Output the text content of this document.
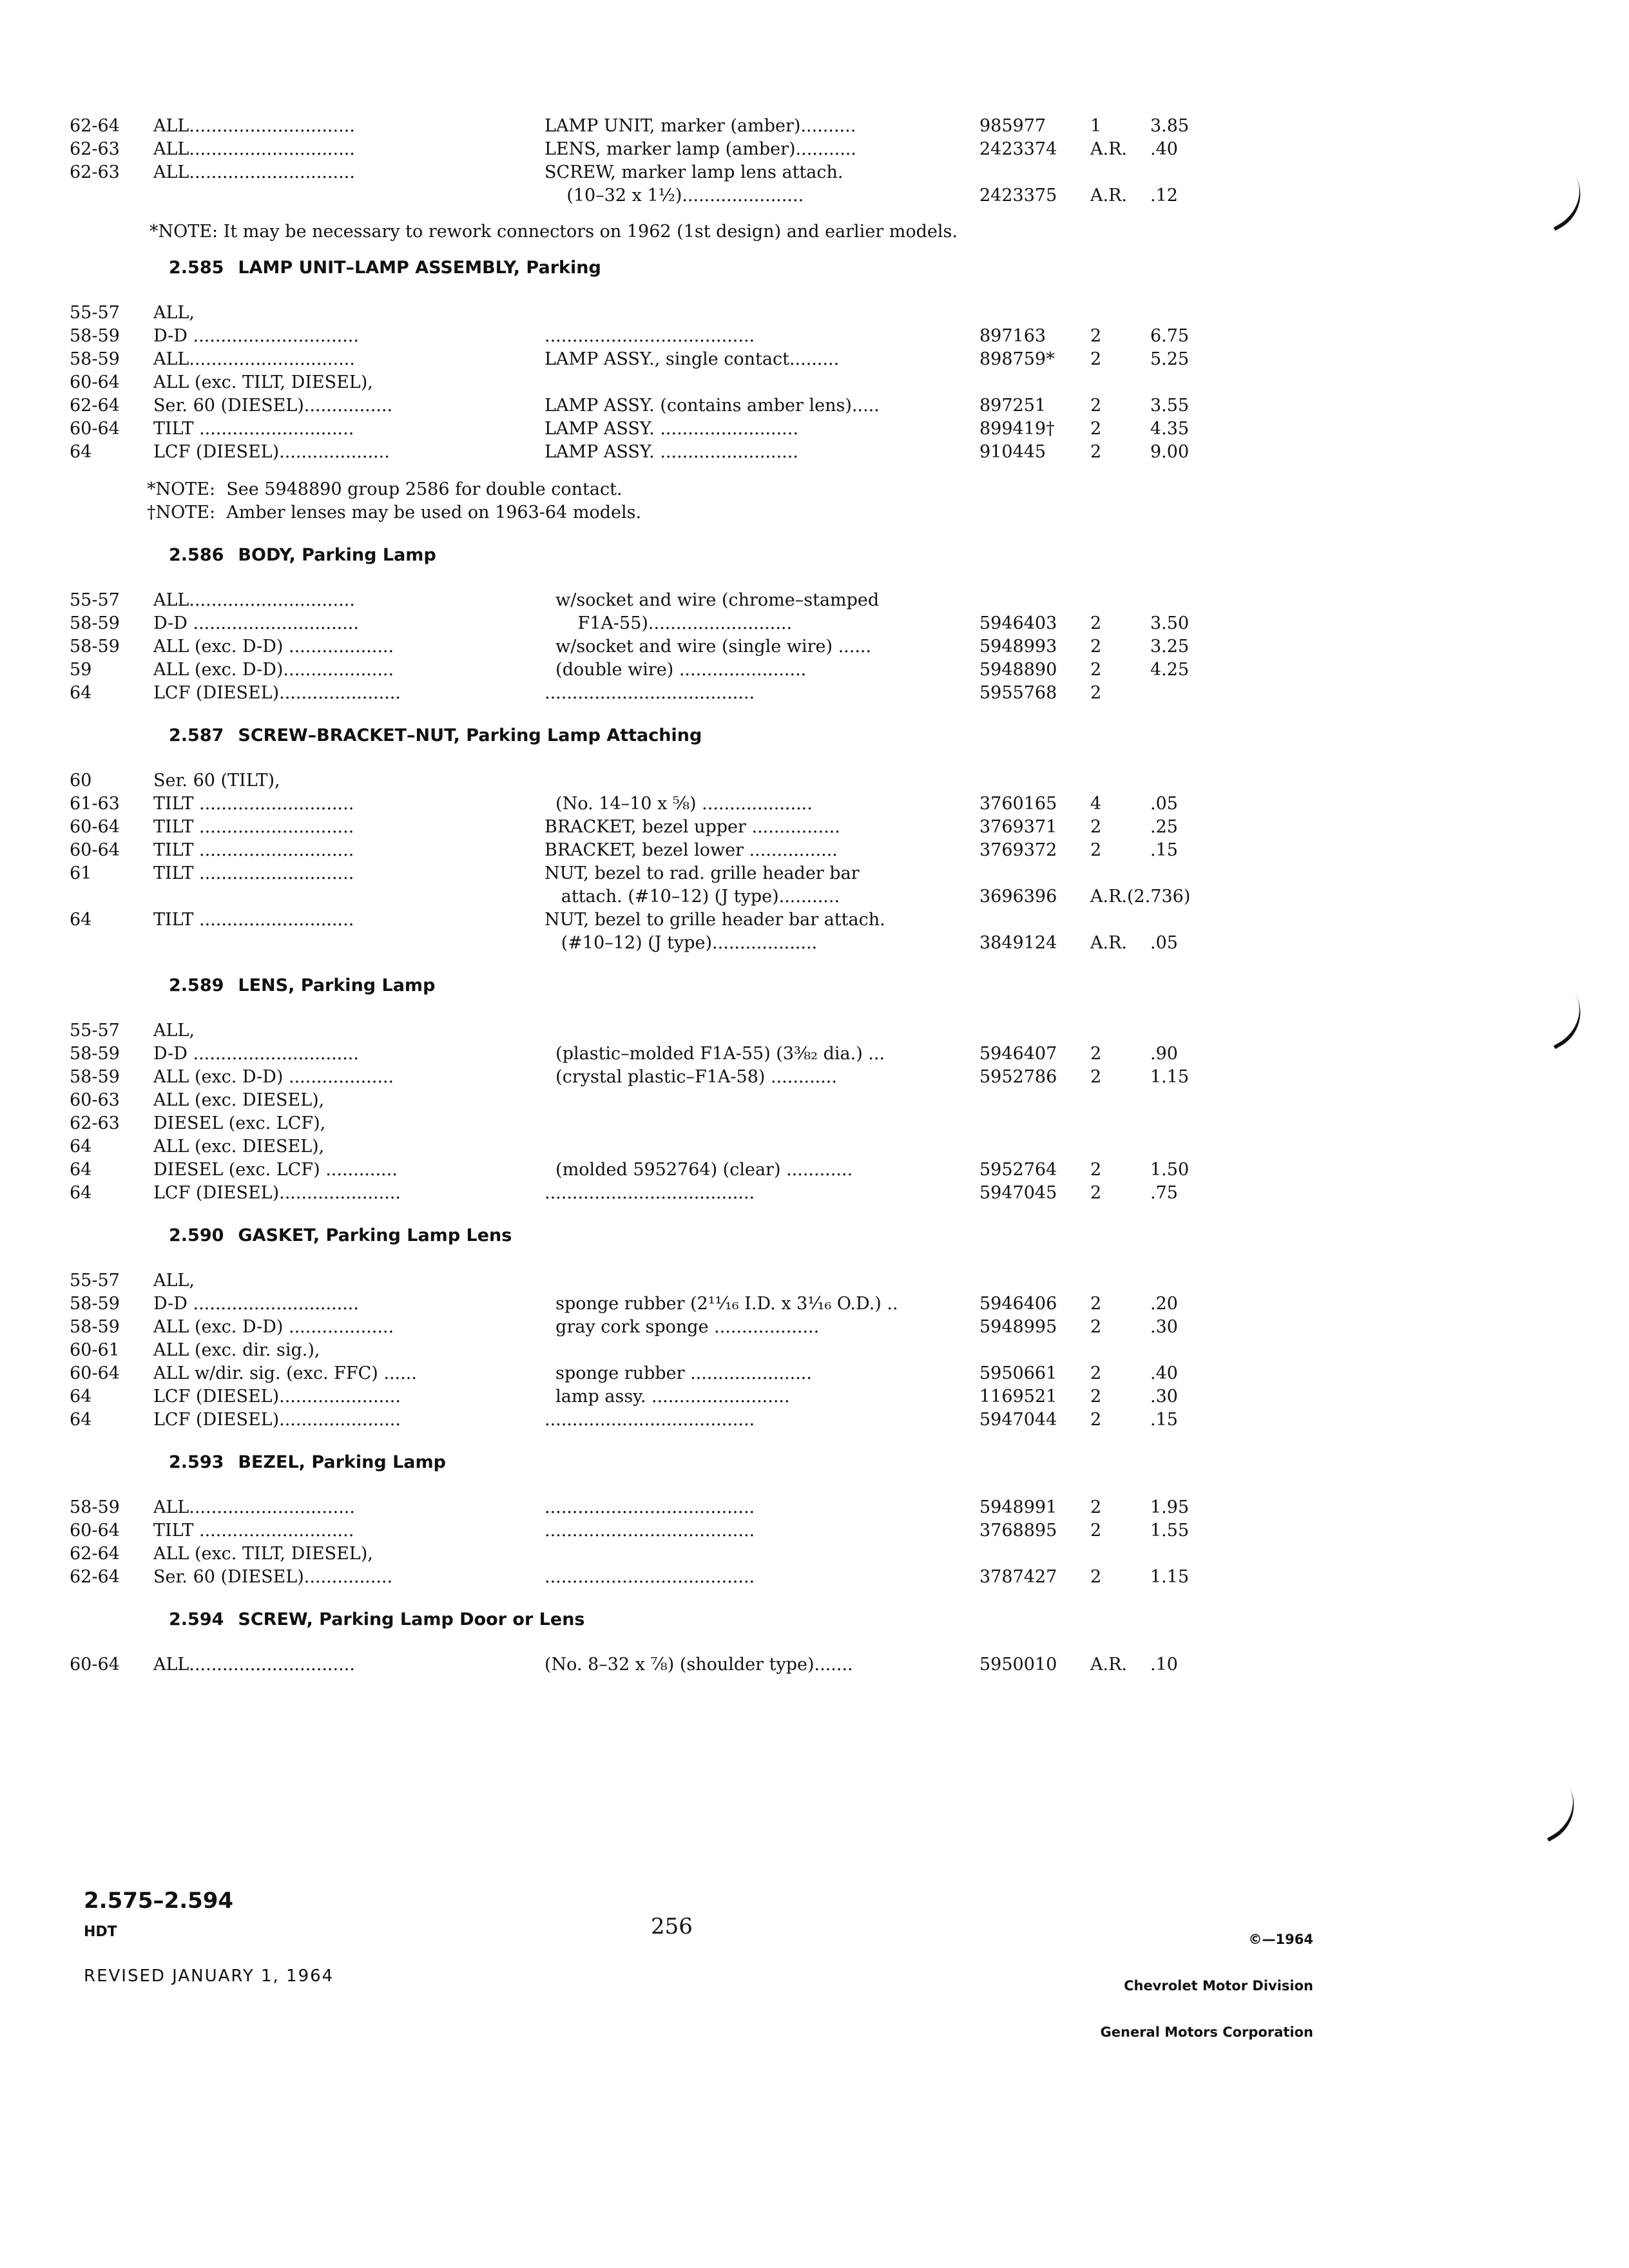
62-64 ALL..............................	LAMP UNIT, marker (amber)..........	985977	1	3.85
62-63 ALL..............................	LENS, marker lamp (amber)...........	2423374 A.R. .40
62-63 ALL..............................	SCREW, marker lamp lens attach.
(10–32 x 1½)......................	2423375 A.R. .12
*NOTE: It may be necessary to rework connectors on 1962 (1st design) and earlier models.
2.585 LAMP UNIT–LAMP ASSEMBLY, Parking
55-57 ALL,
58-59 D-D ..............................	......................................	897163	2	6.75
58-59 ALL..............................	LAMP ASSY., single contact.........	898759* 2	5.25
60-64 ALL (exc. TILT, DIESEL),
62-64 Ser. 60 (DIESEL)................	LAMP ASSY. (contains amber lens).....	897251	2	3.55
60-64 TILT ............................	LAMP ASSY. .........................	899419† 2	4.35
64	LCF (DIESEL)....................	LAMP ASSY. .........................	910445	2	9.00
*NOTE:  See 5948890 group 2586 for double contact.
†NOTE:  Amber lenses may be used on 1963-64 models.
2.586 BODY, Parking Lamp
55-57 ALL..............................	w/socket and wire (chrome–stamped
58-59 D-D ..............................	F1A-55)..........................	5946403 2	3.50
58-59 ALL (exc. D-D) ...................	w/socket and wire (single wire) ......	5948993 2	3.25
59	ALL (exc. D-D)....................	(double wire) .......................	5948890 2	4.25
64	LCF (DIESEL)......................	......................................	5955768 2
2.587 SCREW–BRACKET–NUT, Parking Lamp Attaching
60	Ser. 60 (TILT),
61-63 TILT ............................	(No. 14–10 x ⅝) ....................	3760165 4	.05
60-64 TILT ............................	BRACKET, bezel upper ................	3769371 2	.25
60-64 TILT ............................	BRACKET, bezel lower ................	3769372 2	.15
61	TILT ............................	NUT, bezel to rad. grille header bar
attach. (#10–12) (J type)...........	3696396 A.R.(2.736)
64	TILT ............................	NUT, bezel to grille header bar attach.
(#10–12) (J type)...................	3849124 A.R. .05
2.589 LENS, Parking Lamp
55-57 ALL,
58-59 D-D ..............................	(plastic–molded F1A-55) (3⅜₂ dia.) ...	5946407 2	.90
58-59 ALL (exc. D-D) ...................	(crystal plastic–F1A-58) ............	5952786 2	1.15
60-63 ALL (exc. DIESEL),
62-63 DIESEL (exc. LCF),
64	ALL (exc. DIESEL),
64	DIESEL (exc. LCF) .............	(molded 5952764) (clear) ............	5952764 2	1.50
64	LCF (DIESEL)......................	......................................	5947045 2	.75
2.590 GASKET, Parking Lamp Lens
55-57 ALL,
58-59 D-D ..............................	sponge rubber (2¹¹⁄₁₆ I.D. x 3¹⁄₁₆ O.D.) ..	5946406 2	.20
58-59 ALL (exc. D-D) ...................	gray cork sponge ...................	5948995 2	.30
60-61 ALL (exc. dir. sig.),
60-64 ALL w/dir. sig. (exc. FFC) ......	sponge rubber ......................	5950661 2	.40
64	LCF (DIESEL)......................	lamp assy. .........................	1169521 2	.30
64	LCF (DIESEL)......................	......................................	5947044 2	.15
2.593 BEZEL, Parking Lamp
58-59 ALL..............................	......................................	5948991 2	1.95
60-64 TILT ............................	......................................	3768895 2	1.55
62-64 ALL (exc. TILT, DIESEL),
62-64 Ser. 60 (DIESEL)................	......................................	3787427 2	1.15
2.594 SCREW, Parking Lamp Door or Lens
60-64 ALL..............................	(No. 8–32 x ⅞) (shoulder type).......	5950010 A.R. .10
2.575–2.594
HDT	256
REVISED JANUARY 1, 1964

©—1964

Chevrolet Motor Division

General Motors Corporation
